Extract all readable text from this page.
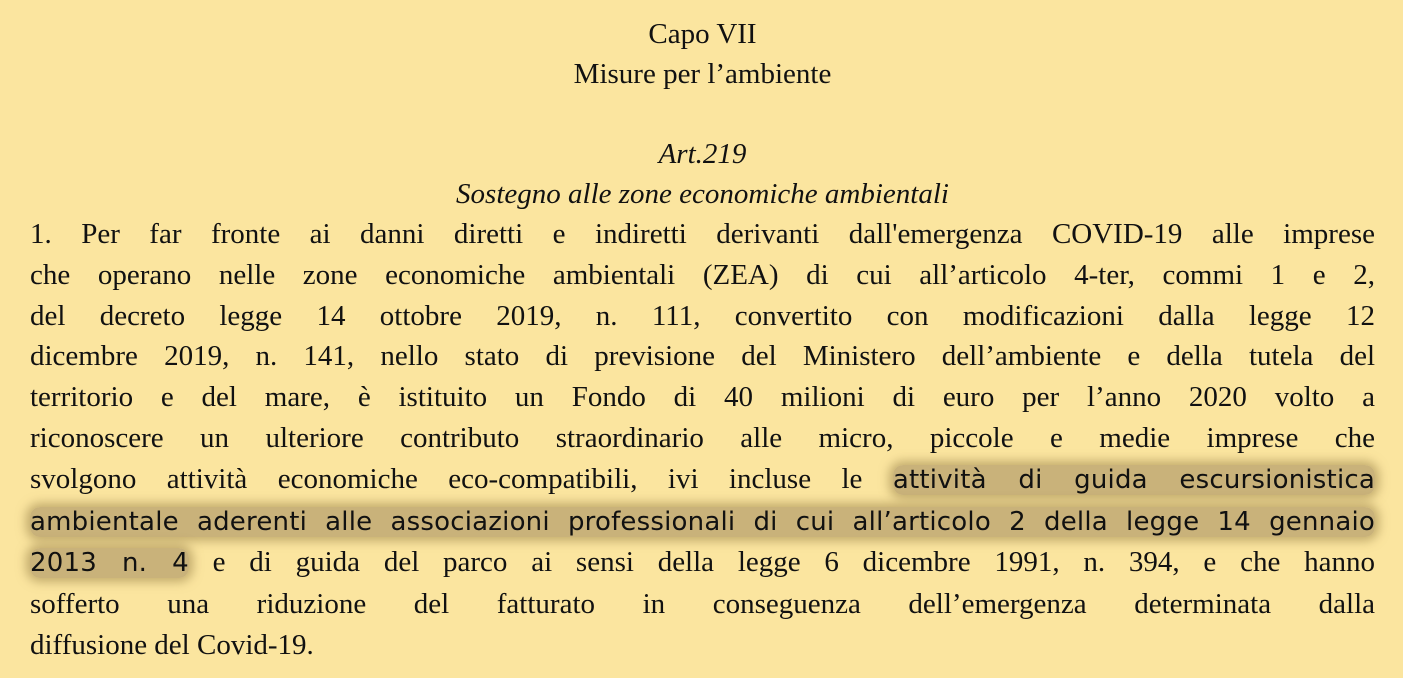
Capo VII

Misure per l’ambiente

Art.219

Sostegno alle zone economiche ambientali

1. Per far fronte ai danni diretti e indiretti derivanti dall'emergenza COVID-19 alle imprese
che operano nelle zone economiche ambientali (ZEA) di cui all’articolo 4-ter, commi 1 e 2,
del decreto legge 14 ottobre 2019, n. 111, convertito con modificazioni dalla legge 12
dicembre 2019, n. 141, nello stato di previsione del Ministero dell’ambiente e della tutela del
territorio e del mare, è istituito un Fondo di 40 milioni di euro per l’anno 2020 volto a
riconoscere un ulteriore contributo straordinario alle micro, piccole e medie imprese che
svolgono attività economiche eco-compatibili, ivi incluse le attività di guida escursionistica
ambientale aderenti alle associazioni professionali di cui all’articolo 2 della legge 14 gennaio
2013 n. 4 e di guida del parco ai sensi della legge 6 dicembre 1991, n. 394, e che hanno
sofferto una riduzione del fatturato in conseguenza dell’emergenza determinata dalla
diffusione del Covid-19.
